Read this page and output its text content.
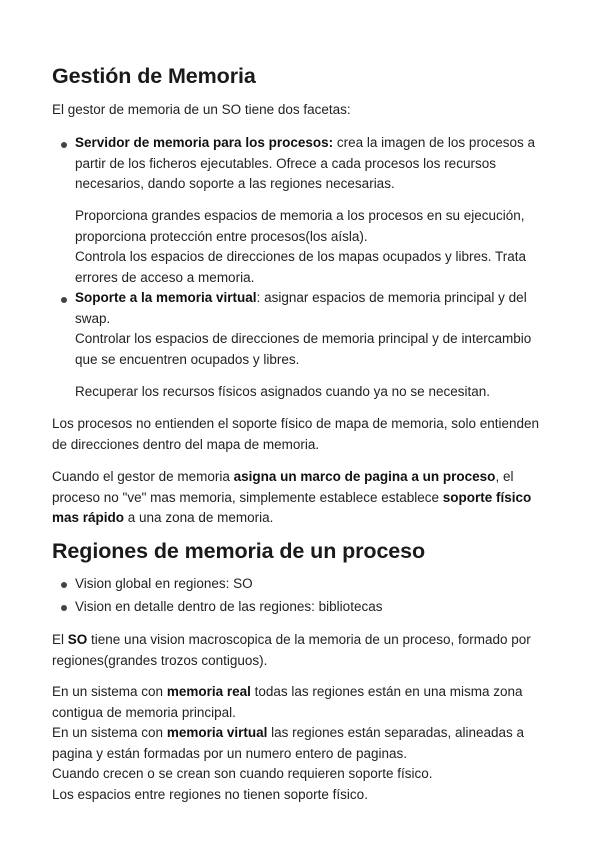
Gestión de Memoria

El gestor de memoria de un SO tiene dos facetas:

Servidor de memoria para los procesos: crea la imagen de los procesos a
partir de los ficheros ejecutables. Ofrece a cada procesos los recursos
necesarios, dando soporte a las regiones necesarias.

Proporciona grandes espacios de memoria a los procesos en su ejecución,
proporciona protección entre procesos(los aísla).
Controla los espacios de direcciones de los mapas ocupados y libres. Trata
errores de acceso a memoria.

Soporte a la memoria virtual: asignar espacios de memoria principal y del
swap.
Controlar los espacios de direcciones de memoria principal y de intercambio
que se encuentren ocupados y libres.

Recuperar los recursos físicos asignados cuando ya no se necesitan.

Los procesos no entienden el soporte físico de mapa de memoria, solo entienden
de direcciones dentro del mapa de memoria.

Cuando el gestor de memoria asigna un marco de pagina a un proceso, el
proceso no "ve" mas memoria, simplemente establece establece soporte físico
mas rápido a una zona de memoria.

Regiones de memoria de un proceso

Vision global en regiones: SO

Vision en detalle dentro de las regiones: bibliotecas

El SO tiene una vision macroscopica de la memoria de un proceso, formado por
regiones(grandes trozos contiguos).

En un sistema con memoria real todas las regiones están en una misma zona
contigua de memoria principal.
En un sistema con memoria virtual las regiones están separadas, alineadas a
pagina y están formadas por un numero entero de paginas.
Cuando crecen o se crean son cuando requieren soporte físico.
Los espacios entre regiones no tienen soporte físico.
